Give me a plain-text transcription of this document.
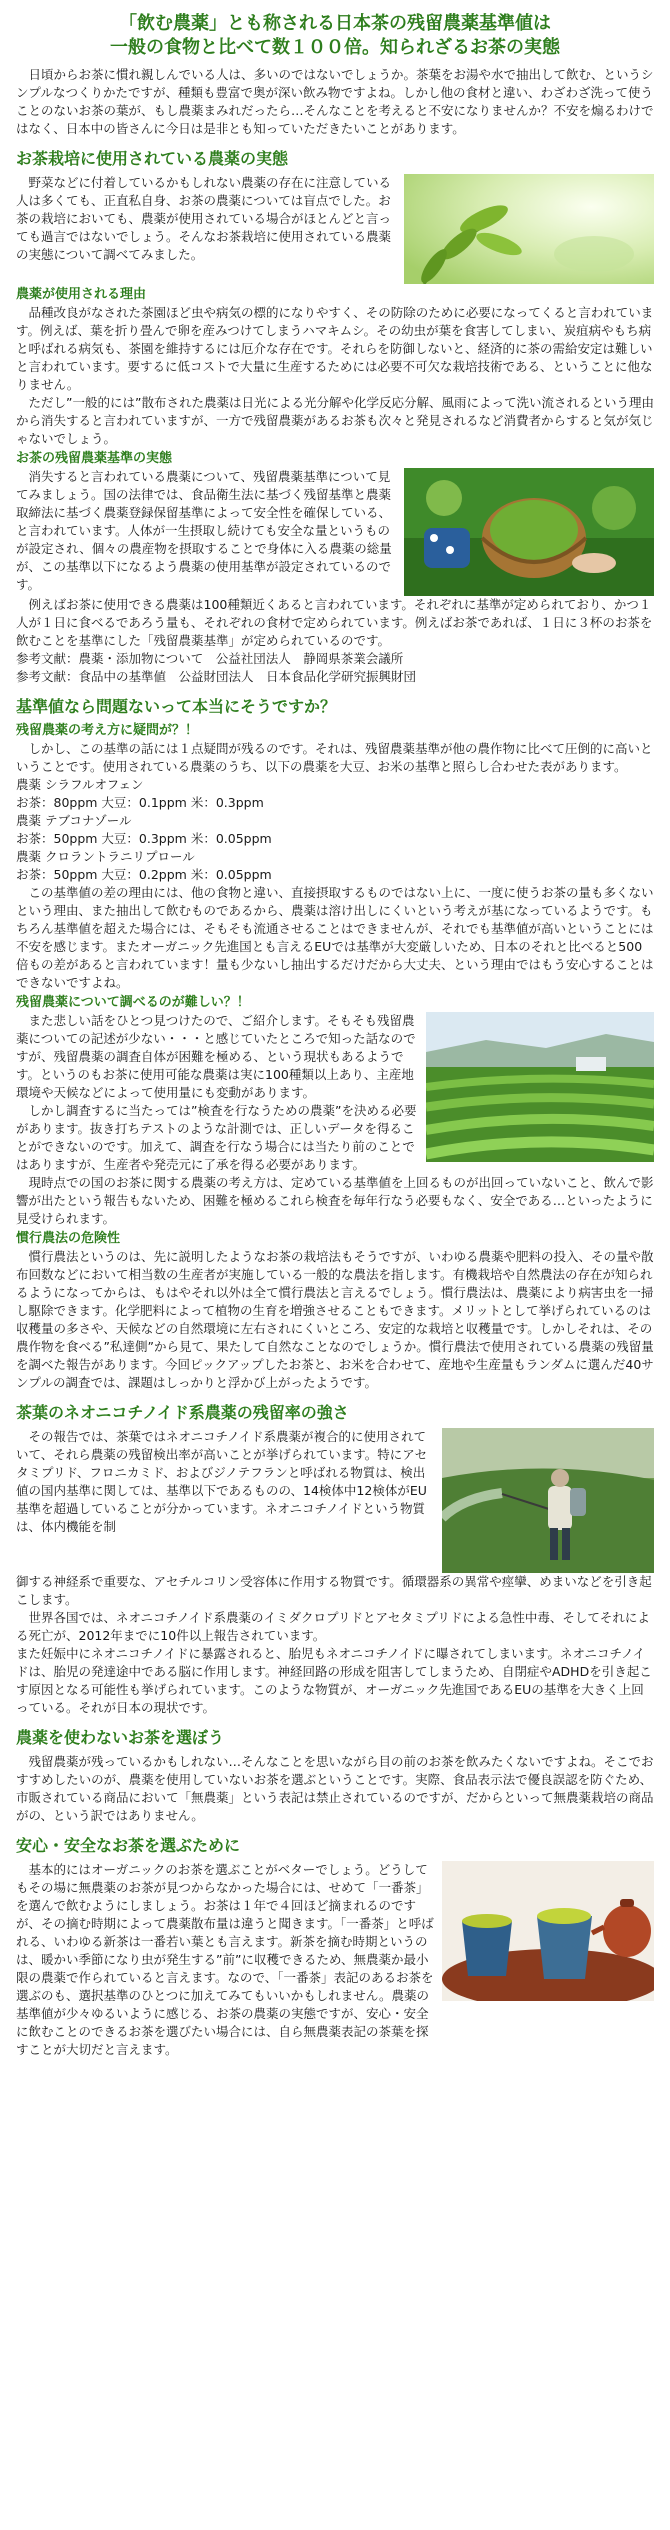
「飲む農薬」とも称される日本茶の残留農薬基準値は
一般の食物と比べて数１００倍。知られざるお茶の実態

日頃からお茶に慣れ親しんでいる人は、多いのではないでしょうか。茶葉をお湯や水で抽出して飲む、というシンプルなつくりかたですが、種類も豊富で奥が深い飲み物ですよね。しかし他の食材と違い、わざわざ洗って使うことのないお茶の葉が、もし農薬まみれだったら…そんなことを考えると不安になりませんか？不安を煽るわけではなく、日本中の皆さんに今日は是非とも知っていただきたいことがあります。

お茶栽培に使用されている農薬の実態

野菜などに付着しているかもしれない農薬の存在に注意している人は多くても、正直私自身、お茶の農薬については盲点でした。お茶の栽培においても、農薬が使用されている場合がほとんどと言っても過言ではないでしょう。そんなお茶栽培に使用されている農薬の実態について調べてみました。

農薬が使用される理由

品種改良がなされた茶園ほど虫や病気の標的になりやすく、その防除のために必要になってくると言われています。例えば、葉を折り畳んで卵を産みつけてしまうハマキムシ。その幼虫が葉を食害してしまい、炭疽病やもち病と呼ばれる病気も、茶園を維持するには厄介な存在です。それらを防御しないと、経済的に茶の需給安定は難しいと言われています。要するに低コストで大量に生産するためには必要不可欠な栽培技術である、ということに他なりません。

ただし”一般的には”散布された農薬は日光による光分解や化学反応分解、風雨によって洗い流されるという理由から消失すると言われていますが、一方で残留農薬があるお茶も次々と発見されるなど消費者からすると気が気じゃないでしょう。

お茶の残留農薬基準の実態

消失すると言われている農薬について、残留農薬基準について見てみましょう。国の法律では、食品衛生法に基づく残留基準と農薬取締法に基づく農薬登録保留基準によって安全性を確保している、と言われています。人体が一生摂取し続けても安全な量というものが設定され、個々の農産物を摂取することで身体に入る農薬の総量が、この基準以下になるよう農薬の使用基準が設定されているのです。

例えばお茶に使用できる農薬は100種類近くあると言われています。それぞれに基準が定められており、かつ１人が１日に食べるであろう量も、それぞれの食材で定められています。例えばお茶であれば、１日に３杯のお茶を飲むことを基準にした「残留農薬基準」が定められているのです。

参考文献：農薬・添加物について　公益社団法人　静岡県茶業会議所

参考文献：食品中の基準値　公益財団法人　日本食品化学研究振興財団

基準値なら問題ないって本当にそうですか？
残留農薬の考え方に疑問が？！

しかし、この基準の話には１点疑問が残るのです。それは、残留農薬基準が他の農作物に比べて圧倒的に高いということです。使用されている農薬のうち、以下の農薬を大豆、お米の基準と照らし合わせた表があります。

農薬 シラフルオフェン

お茶：80ppm 大豆：0.1ppm 米：0.3ppm

農薬 テブコナゾール

お茶：50ppm 大豆：0.3ppm 米：0.05ppm

農薬 クロラントラニリプロール

お茶：50ppm 大豆：0.2ppm 米：0.05ppm

この基準値の差の理由には、他の食物と違い、直接摂取するものではない上に、一度に使うお茶の量も多くないという理由、また抽出して飲むものであるから、農薬は溶け出しにくいという考えが基になっているようです。もちろん基準値を超えた場合には、そもそも流通させることはできませんが、それでも基準値が高いということには不安を感じます。またオーガニック先進国とも言えるEUでは基準が大変厳しいため、日本のそれと比べると500倍もの差があると言われています！量も少ないし抽出するだけだから大丈夫、という理由ではもう安心することはできないですよね。

残留農薬について調べるのが難しい？！

また悲しい話をひとつ見つけたので、ご紹介します。そもそも残留農薬についての記述が少ない・・・と感じていたところで知った話なのですが、残留農薬の調査自体が困難を極める、という現状もあるようです。というのもお茶に使用可能な農薬は実に100種類以上あり、主産地環境や天候などによって使用量にも変動があります。

しかし調査するに当たっては”検査を行なうための農薬”を決める必要があります。抜き打ちテストのような計測では、正しいデータを得ることができないのです。加えて、調査を行なう場合には当たり前のことではありますが、生産者や発売元に了承を得る必要があります。

現時点での国のお茶に関する農薬の考え方は、定めている基準値を上回るものが出回っていないこと、飲んで影響が出たという報告もないため、困難を極めるこれら検査を毎年行なう必要もなく、安全である…といったように見受けられます。

慣行農法の危険性

慣行農法というのは、先に説明したようなお茶の栽培法もそうですが、いわゆる農薬や肥料の投入、その量や散布回数などにおいて相当数の生産者が実施している一般的な農法を指します。有機栽培や自然農法の存在が知られるようになってからは、もはやそれ以外は全て慣行農法と言えるでしょう。慣行農法は、農薬により病害虫を一掃し駆除できます。化学肥料によって植物の生育を増強させることもできます。メリットとして挙げられているのは収穫量の多さや、天候などの自然環境に左右されにくいところ、安定的な栽培と収穫量です。しかしそれは、その農作物を食べる”私達側”から見て、果たして自然なことなのでしょうか。慣行農法で使用されている農薬の残留量を調べた報告があります。今回ピックアップしたお茶と、お米を合わせて、産地や生産量もランダムに選んだ40サンプルの調査では、課題はしっかりと浮かび上がったようです。

茶葉のネオニコチノイド系農薬の残留率の強さ

その報告では、茶葉ではネオニコチノイド系農薬が複合的に使用されていて、それら農薬の残留検出率が高いことが挙げられています。特にアセタミプリド、フロニカミド、およびジノテフランと呼ばれる物質は、検出値の国内基準に関しては、基準以下であるものの、14検体中12検体がEU基準を超過していることが分かっています。ネオニコチノイドという物質は、体内機能を制

御する神経系で重要な、アセチルコリン受容体に作用する物質です。循環器系の異常や痙攣、めまいなどを引き起こします。

世界各国では、ネオニコチノイド系農薬のイミダクロプリドとアセタミプリドによる急性中毒、そしてそれによる死亡が、2012年までに10件以上報告されています。

また妊娠中にネオニコチノイドに暴露されると、胎児もネオニコチノイドに曝されてしまいます。ネオニコチノイドは、胎児の発達途中である脳に作用します。神経回路の形成を阻害してしまうため、自閉症やADHDを引き起こす原因となる可能性も挙げられています。このような物質が、オーガニック先進国であるEUの基準を大きく上回っている。それが日本の現状です。

農薬を使わないお茶を選ぼう

残留農薬が残っているかもしれない…そんなことを思いながら目の前のお茶を飲みたくないですよね。そこでおすすめしたいのが、農薬を使用していないお茶を選ぶということです。実際、食品表示法で優良誤認を防ぐため、市販されている商品において「無農薬」という表記は禁止されているのですが、だからといって無農薬栽培の商品がの、という訳ではありません。

安心・安全なお茶を選ぶために

基本的にはオーガニックのお茶を選ぶことがベターでしょう。どうしてもその場に無農薬のお茶が見つからなかった場合には、せめて「一番茶」を選んで飲むようにしましょう。お茶は１年で４回ほど摘まれるのですが、その摘む時期によって農薬散布量は違うと聞きます。「一番茶」と呼ばれる、いわゆる新茶は一番若い葉とも言えます。新茶を摘む時期というのは、暖かい季節になり虫が発生する”前”に収穫できるため、無農薬か最小限の農薬で作られていると言えます。なので、「一番茶」表記のあるお茶を選ぶのも、選択基準のひとつに加えてみてもいいかもしれません。農薬の基準値が少々ゆるいように感じる、お茶の農薬の実態ですが、安心・安全に飲むことのできるお茶を選びたい場合には、自ら無農薬表記の茶葉を探すことが大切だと言えます。
